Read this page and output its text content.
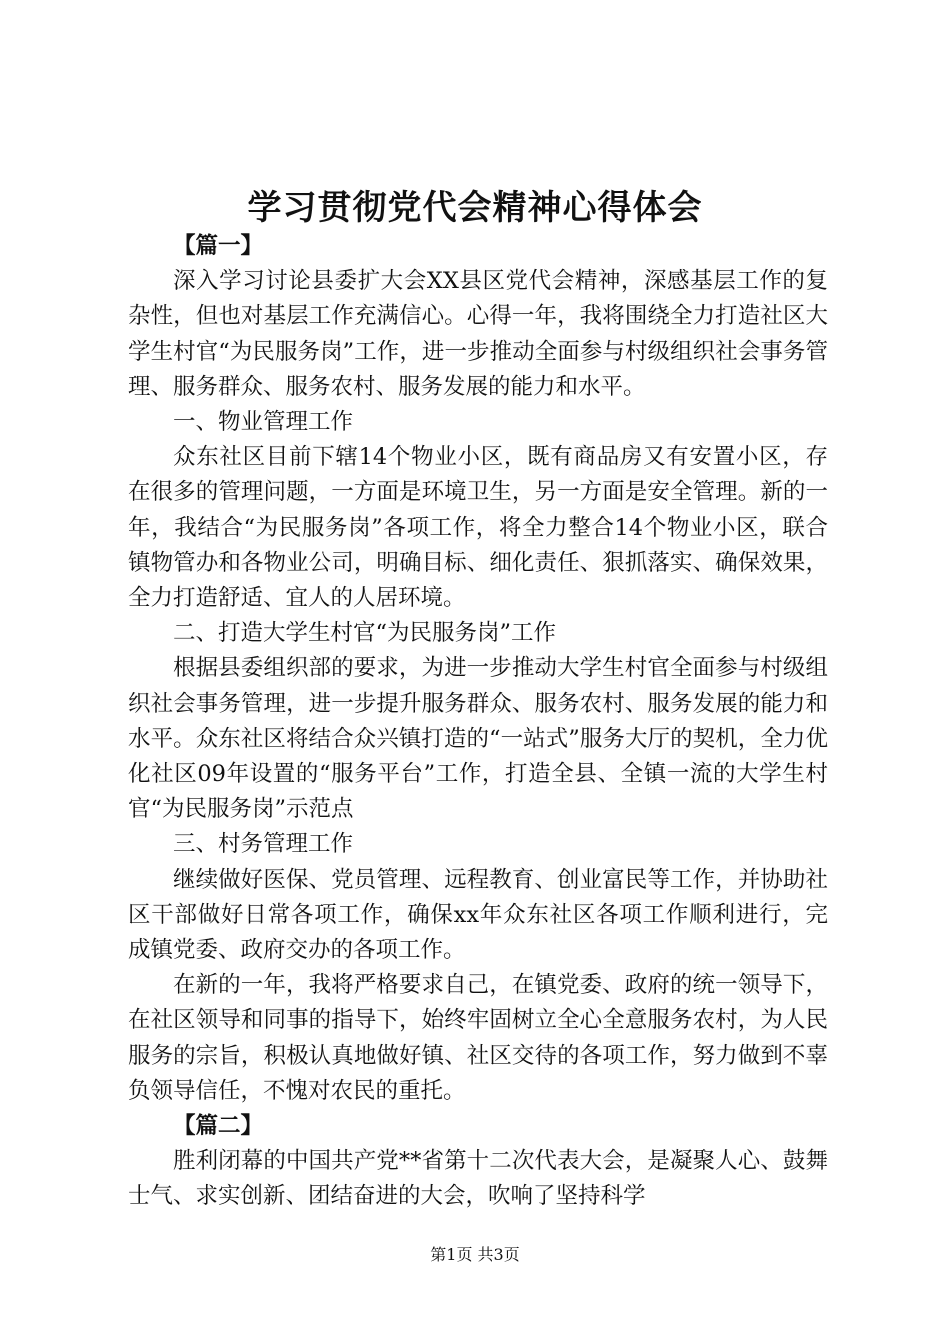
学习贯彻党代会精神心得体会

【篇一】

深入学习讨论县委扩大会XX县区党代会精神，深感基层工作的复杂性，但也对基层工作充满信心。心得一年，我将围绕全力打造社区大学生村官“为民服务岗”工作，进一步推动全面参与村级组织社会事务管理、服务群众、服务农村、服务发展的能力和水平。

一、物业管理工作

众东社区目前下辖14个物业小区，既有商品房又有安置小区，存在很多的管理问题，一方面是环境卫生，另一方面是安全管理。新的一年，我结合“为民服务岗”各项工作，将全力整合14个物业小区，联合镇物管办和各物业公司，明确目标、细化责任、狠抓落实、确保效果，全力打造舒适、宜人的人居环境。

二、打造大学生村官“为民服务岗”工作

根据县委组织部的要求，为进一步推动大学生村官全面参与村级组织社会事务管理，进一步提升服务群众、服务农村、服务发展的能力和水平。众东社区将结合众兴镇打造的“一站式”服务大厅的契机，全力优化社区09年设置的“服务平台”工作，打造全县、全镇一流的大学生村官“为民服务岗”示范点

三、村务管理工作

继续做好医保、党员管理、远程教育、创业富民等工作，并协助社区干部做好日常各项工作，确保xx年众东社区各项工作顺利进行，完成镇党委、政府交办的各项工作。

在新的一年，我将严格要求自己，在镇党委、政府的统一领导下，在社区领导和同事的指导下，始终牢固树立全心全意服务农村，为人民服务的宗旨，积极认真地做好镇、社区交待的各项工作，努力做到不辜负领导信任，不愧对农民的重托。

【篇二】

胜利闭幕的中国共产党**省第十二次代表大会，是凝聚人心、鼓舞士气、求实创新、团结奋进的大会，吹响了坚持科学

第1页 共3页
